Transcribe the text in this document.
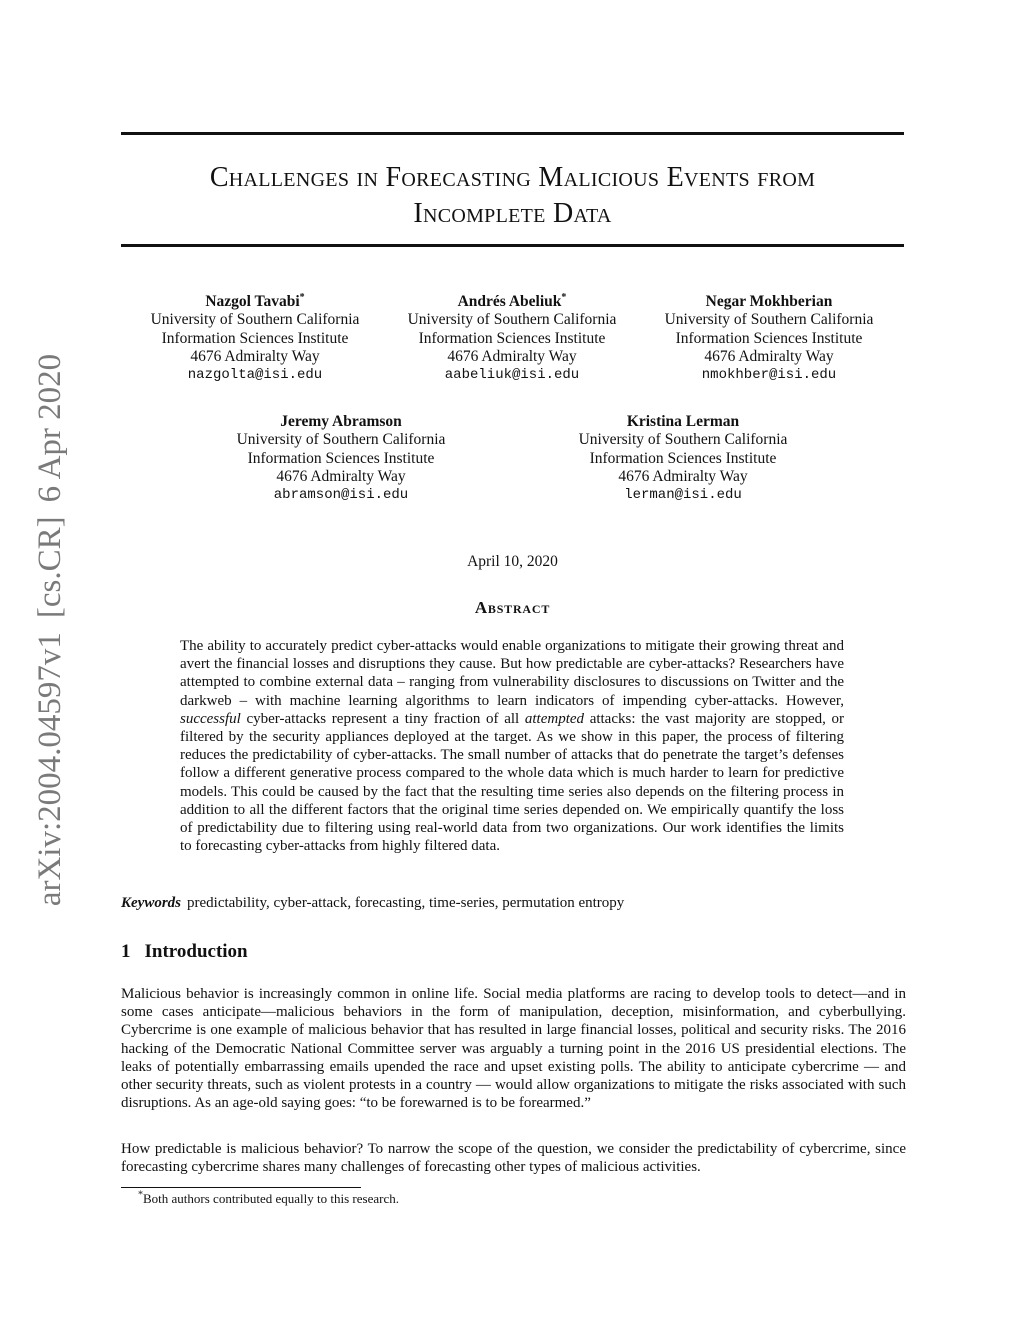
arXiv:2004.04597v1
[cs.CR]
6 Apr 2020
Challenges in Forecasting Malicious Events from
Incomplete Data
Nazgol Tavabi*
University of Southern California
Information Sciences Institute
4676 Admiralty Way
nazgolta@isi.edu
Andrés Abeliuk*
University of Southern California
Information Sciences Institute
4676 Admiralty Way
aabeliuk@isi.edu
Negar Mokhberian
University of Southern California
Information Sciences Institute
4676 Admiralty Way
nmokhber@isi.edu
Jeremy Abramson
University of Southern California
Information Sciences Institute
4676 Admiralty Way
abramson@isi.edu
Kristina Lerman
University of Southern California
Information Sciences Institute
4676 Admiralty Way
lerman@isi.edu
April 10, 2020
Abstract
The ability to accurately predict cyber-attacks would enable organizations to mitigate their growing threat and avert the financial losses and disruptions they cause. But how predictable are cyber-attacks? Researchers have attempted to combine external data – ranging from vulnerability disclosures to discussions on Twitter and the darkweb – with machine learning algorithms to learn indicators of impending cyber-attacks. However, successful cyber-attacks represent a tiny fraction of all attempted attacks: the vast majority are stopped, or filtered by the security appliances deployed at the target. As we show in this paper, the process of filtering reduces the predictability of cyber-attacks. The small number of attacks that do penetrate the target’s defenses follow a different generative process compared to the whole data which is much harder to learn for predictive models. This could be caused by the fact that the resulting time series also depends on the filtering process in addition to all the different factors that the original time series depended on. We empirically quantify the loss of predictability due to filtering using real-world data from two organizations. Our work identifies the limits to forecasting cyber-attacks from highly filtered data.
Keywords predictability, cyber-attack, forecasting, time-series, permutation entropy
1 Introduction
Malicious behavior is increasingly common in online life. Social media platforms are racing to develop tools to detect—and in some cases anticipate—malicious behaviors in the form of manipulation, deception, misinformation, and cyberbullying. Cybercrime is one example of malicious behavior that has resulted in large financial losses, political and security risks. The 2016 hacking of the Democratic National Committee server was arguably a turning point in the 2016 US presidential elections. The leaks of potentially embarrassing emails upended the race and upset existing polls. The ability to anticipate cybercrime — and other security threats, such as violent protests in a country — would allow organizations to mitigate the risks associated with such disruptions. As an age-old saying goes: “to be forewarned is to be forearmed.”
How predictable is malicious behavior? To narrow the scope of the question, we consider the predictability of cybercrime, since forecasting cybercrime shares many challenges of forecasting other types of malicious activities.
*Both authors contributed equally to this research.
